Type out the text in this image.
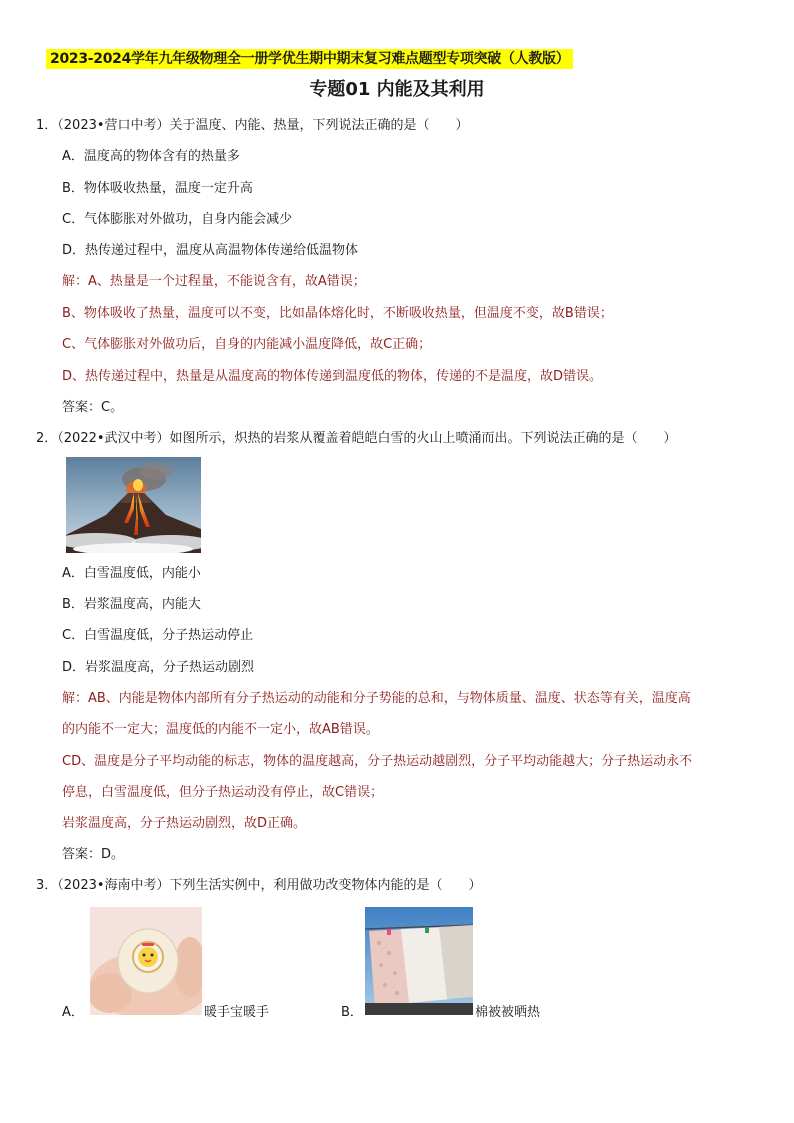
2023-2024学年九年级物理全一册学优生期中期末复习难点题型专项突破（人教版）
专题01 内能及其利用
1．（2023•营口中考）关于温度、内能、热量，下列说法正确的是（　　）
A．温度高的物体含有的热量多
B．物体吸收热量，温度一定升高
C．气体膨胀对外做功，自身内能会减少
D．热传递过程中，温度从高温物体传递给低温物体
解：A、热量是一个过程量，不能说含有，故A错误；
B、物体吸收了热量，温度可以不变，比如晶体熔化时，不断吸收热量，但温度不变，故B错误；
C、气体膨胀对外做功后，自身的内能减小温度降低，故C正确；
D、热传递过程中，热量是从温度高的物体传递到温度低的物体，传递的不是温度，故D错误。
答案：C。
2．（2022•武汉中考）如图所示，炽热的岩浆从覆盖着皑皑白雪的火山上喷涌而出。下列说法正确的是（　　）
A．白雪温度低，内能小
B．岩浆温度高，内能大
C．白雪温度低，分子热运动停止
D．岩浆温度高，分子热运动剧烈
解：AB、内能是物体内部所有分子热运动的动能和分子势能的总和，与物体质量、温度、状态等有关，温度高
的内能不一定大；温度低的内能不一定小，故AB错误。
CD、温度是分子平均动能的标志，物体的温度越高，分子热运动越剧烈，分子平均动能越大；分子热运动永不
停息，白雪温度低，但分子热运动没有停止，故C错误；
岩浆温度高，分子热运动剧烈，故D正确。
答案：D。
3．（2023•海南中考）下列生活实例中，利用做功改变物体内能的是（　　）
A．	暖手宝暖手	B．	棉被被晒热
